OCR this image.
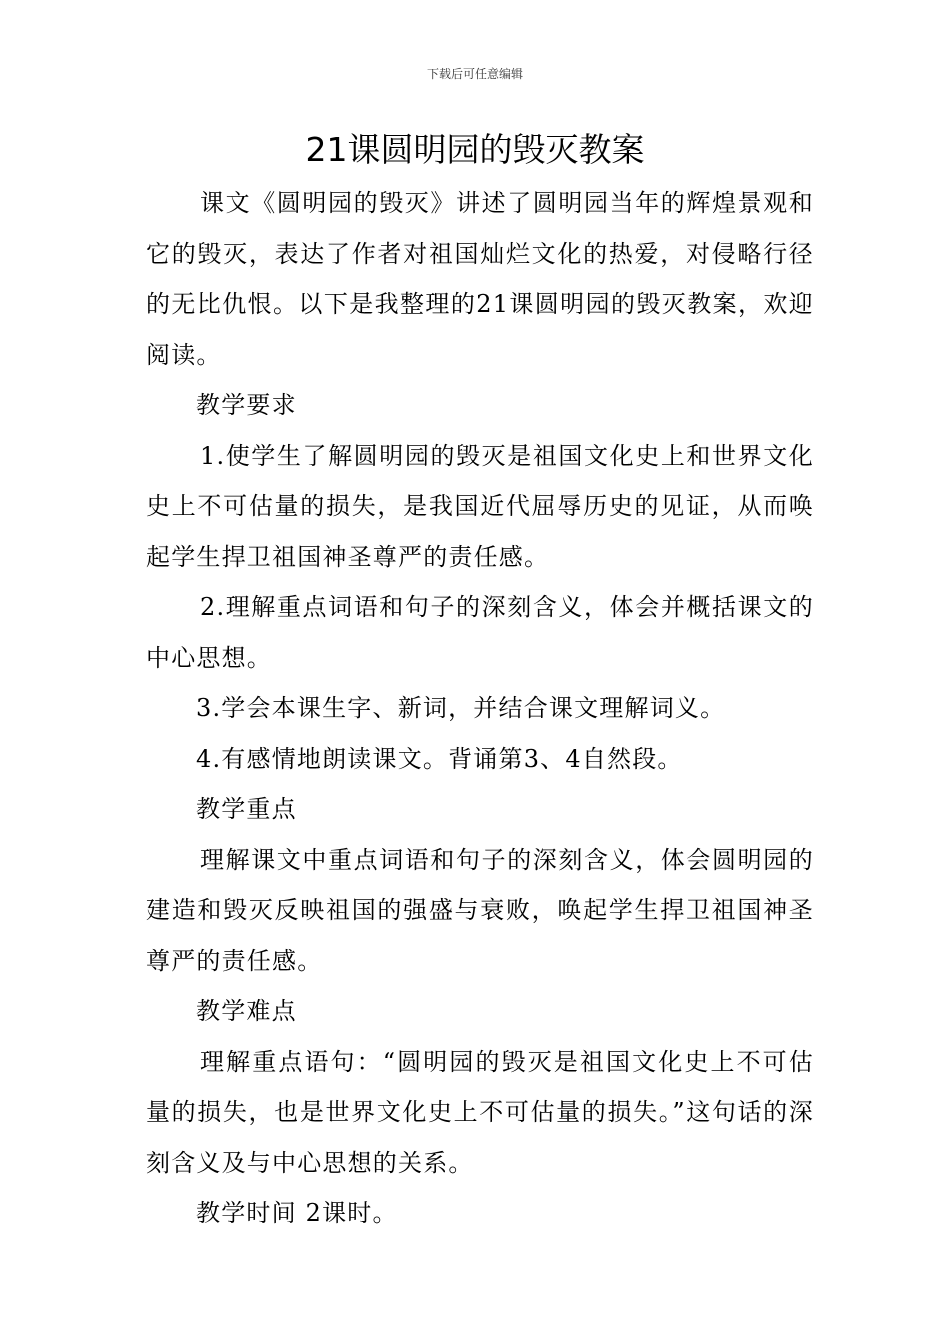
下载后可任意编辑
21课圆明园的毁灭教案

课文《圆明园的毁灭》讲述了圆明园当年的辉煌景观和它的毁灭，表达了作者对祖国灿烂文化的热爱，对侵略行径的无比仇恨。以下是我整理的21课圆明园的毁灭教案，欢迎阅读。

教学要求

1.使学生了解圆明园的毁灭是祖国文化史上和世界文化史上不可估量的损失，是我国近代屈辱历史的见证，从而唤起学生捍卫祖国神圣尊严的责任感。

2.理解重点词语和句子的深刻含义，体会并概括课文的中心思想。

3.学会本课生字、新词，并结合课文理解词义。

4.有感情地朗读课文。背诵第3、4自然段。

教学重点

理解课文中重点词语和句子的深刻含义，体会圆明园的建造和毁灭反映祖国的强盛与衰败，唤起学生捍卫祖国神圣尊严的责任感。

教学难点

理解重点语句：“圆明园的毁灭是祖国文化史上不可估量的损失，也是世界文化史上不可估量的损失。”这句话的深刻含义及与中心思想的关系。

教学时间 2课时。
